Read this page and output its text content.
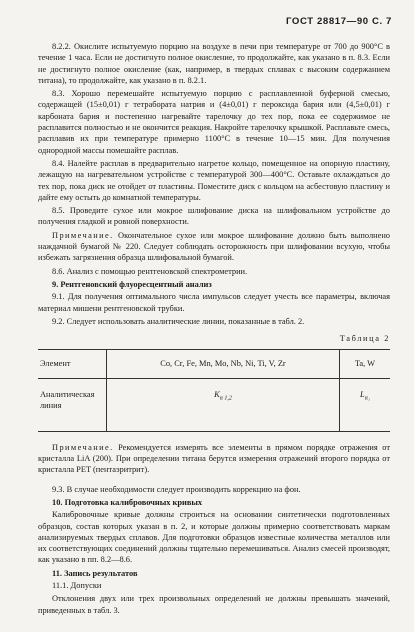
ГОСТ 28817—90 С. 7

8.2.2. Окислите испытуемую порцию на воздухе в печи при температуре от 700 до 900°С в течение 1 часа. Если не достигнуто полное окисление, то продолжайте, как указано в п. 8.3. Если не достигнуто полное окисление (как, например, в твердых сплавах с высоким содержанием титана), то продолжайте, как указано в п. 8.2.1.

8.3. Хорошо перемешайте испытуемую порцию с расплавленной буферной смесью, содержащей (15±0,01) г тетрабората натрия и (4±0,01) г пероксида бария или (4,5±0,01) г карбоната бария и постепенно нагревайте тарелочку до тех пор, пока ее содержимое не расплавится полностью и не окончится реакция. Накройте тарелочку крышкой. Расплавьте смесь, расплавив их при температуре примерно 1100°С в течение 10—15 мин. Для получения однородной массы помешайте расплав.

8.4. Налейте расплав в предварительно нагретое кольцо, помещенное на опорную пластину, лежащую на нагревательном устройстве с температурой 300—400°С. Оставьте охлаждаться до тех пор, пока диск не отойдет от пластины. Поместите диск с кольцом на асбестовую пластину и дайте ему остыть до комнатной температуры.

8.5. Проведите сухое или мокрое шлифование диска на шлифовальном устройстве до получения гладкой и ровной поверхности.

Примечание. Окончательное сухое или мокрое шлифование должно быть выполнено наждачной бумагой № 220. Следует соблюдать осторожность при шлифовании всухую, чтобы избежать загрязнения образца шлифовальной бумагой.

8.6. Анализ с помощью рентгеновской спектрометрии.

9. Рентгеновский флуоресцентный анализ

9.1. Для получения оптимального числа импульсов следует учесть все параметры, включая материал мишени рентгеновской трубки.

9.2. Следует использовать аналитические линии, показанные в табл. 2.

Таблица 2
Элемент	Co, Cr, Fe, Mn, Mo, Nb, Ni, Ti, V, Zr	Ta, W
Аналитическая линия	$K_{\alpha 1,2}$	$L_{\alpha_1}$

Примечание. Рекомендуется измерять все элементы в прямом порядке отражения от кристалла LiA (200). При определении титана берутся измерения отражений второго порядка от кристалла PET (пентаэритрит).

9.3. В случае необходимости следует производить коррекцию на фон.

10. Подготовка калибровочных кривых

Калибровочные кривые должны строиться на основании синтетически подготовленных образцов, состав которых указан в п. 2, и которые должны примерно соответствовать маркам анализируемых твердых сплавов. Для подготовки образцов известные количества металлов или их соответствующих соединений должны тщательно перемешиваться. Анализ смесей производят, как указано в пп. 8.2—8.6.

11. Запись результатов

11.1. Допуски

Отклонения двух или трех произвольных определений не должны превышать значений, приведенных в табл. 3.
